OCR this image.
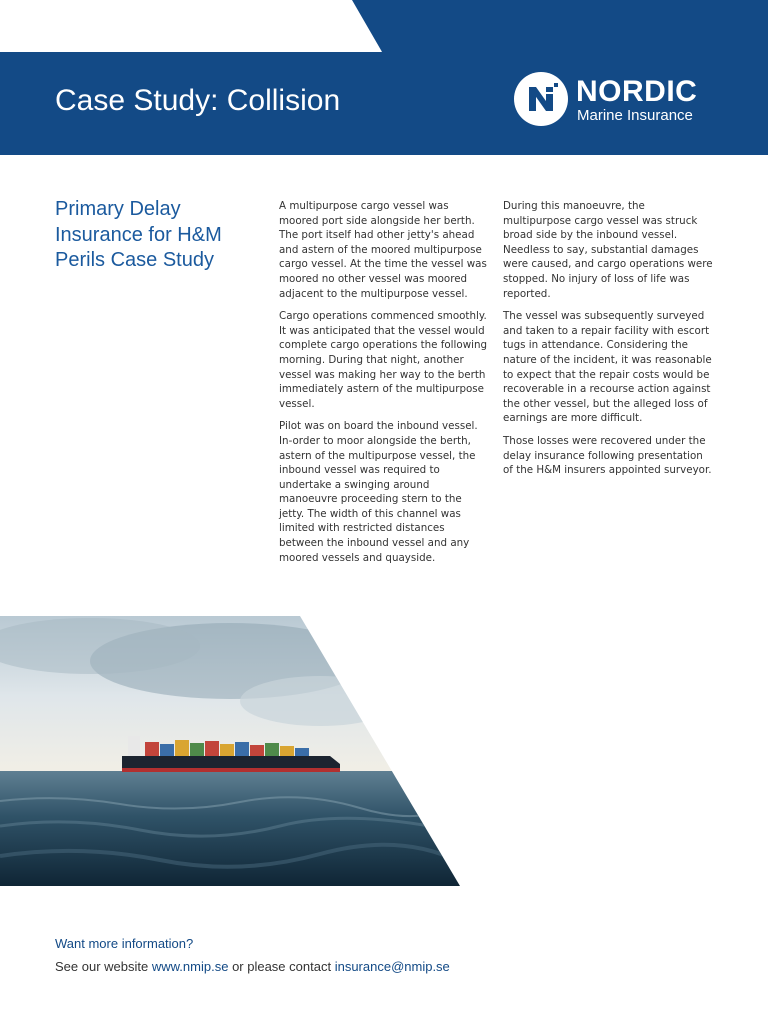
Case Study: Collision	NORDIC
Marine Insurance
Primary Delay Insurance for H&M Perils Case Study

A multipurpose cargo vessel was moored port side alongside her berth. The port itself had other jetty's ahead and astern of the moored multipurpose cargo vessel. At the time the vessel was moored no other vessel was moored adjacent to the multipurpose vessel.

Cargo operations commenced smoothly. It was anticipated that the vessel would complete cargo operations the following morning. During that night, another vessel was making her way to the berth immediately astern of the multipurpose vessel.

Pilot was on board the inbound vessel. In-order to moor alongside the berth, astern of the multipurpose vessel, the inbound vessel was required to undertake a swinging around manoeuvre proceeding stern to the jetty. The width of this channel was limited with restricted distances between the inbound vessel and any moored vessels and quayside.

During this manoeuvre, the multipurpose cargo vessel was struck broad side by the inbound vessel. Needless to say, substantial damages were caused, and cargo operations were stopped. No injury of loss of life was reported.

The vessel was subsequently surveyed and taken to a repair facility with escort tugs in attendance. Considering the nature of the incident, it was reasonable to expect that the repair costs would be recoverable in a recourse action against the other vessel, but the alleged loss of earnings are more difficult.

Those losses were recovered under the delay insurance following presentation of the H&M insurers appointed surveyor.

Want more information?
See our website www.nmip.se or please contact insurance@nmip.se
